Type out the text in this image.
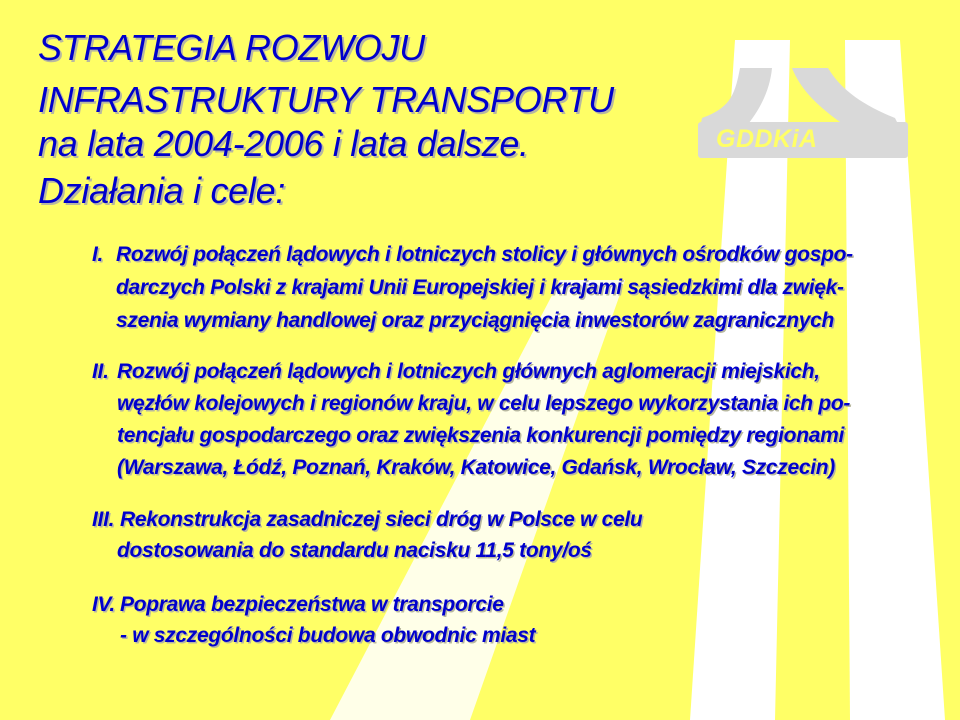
GDDKiA
STRATEGIA ROZWOJU
INFRASTRUKTURY TRANSPORTU
na lata 2004-2006 i lata dalsze.
Działania i cele:
I. Rozwój połączeń lądowych i lotniczych stolicy i głównych ośrodków gospo-
darczych Polski z krajami Unii Europejskiej i krajami sąsiedzkimi dla zwięk-
szenia wymiany handlowej oraz przyciągnięcia inwestorów zagranicznych
II. Rozwój połączeń lądowych i lotniczych głównych aglomeracji miejskich,
węzłów kolejowych i regionów kraju, w celu lepszego wykorzystania ich po-
tencjału gospodarczego oraz zwiększenia konkurencji pomiędzy regionami
(Warszawa, Łódź, Poznań, Kraków, Katowice, Gdańsk, Wrocław, Szczecin)
III. Rekonstrukcja zasadniczej sieci dróg w Polsce w celu
dostosowania do standardu nacisku 11,5 tony/oś
IV. Poprawa bezpieczeństwa w transporcie
- w szczególności budowa obwodnic miast
